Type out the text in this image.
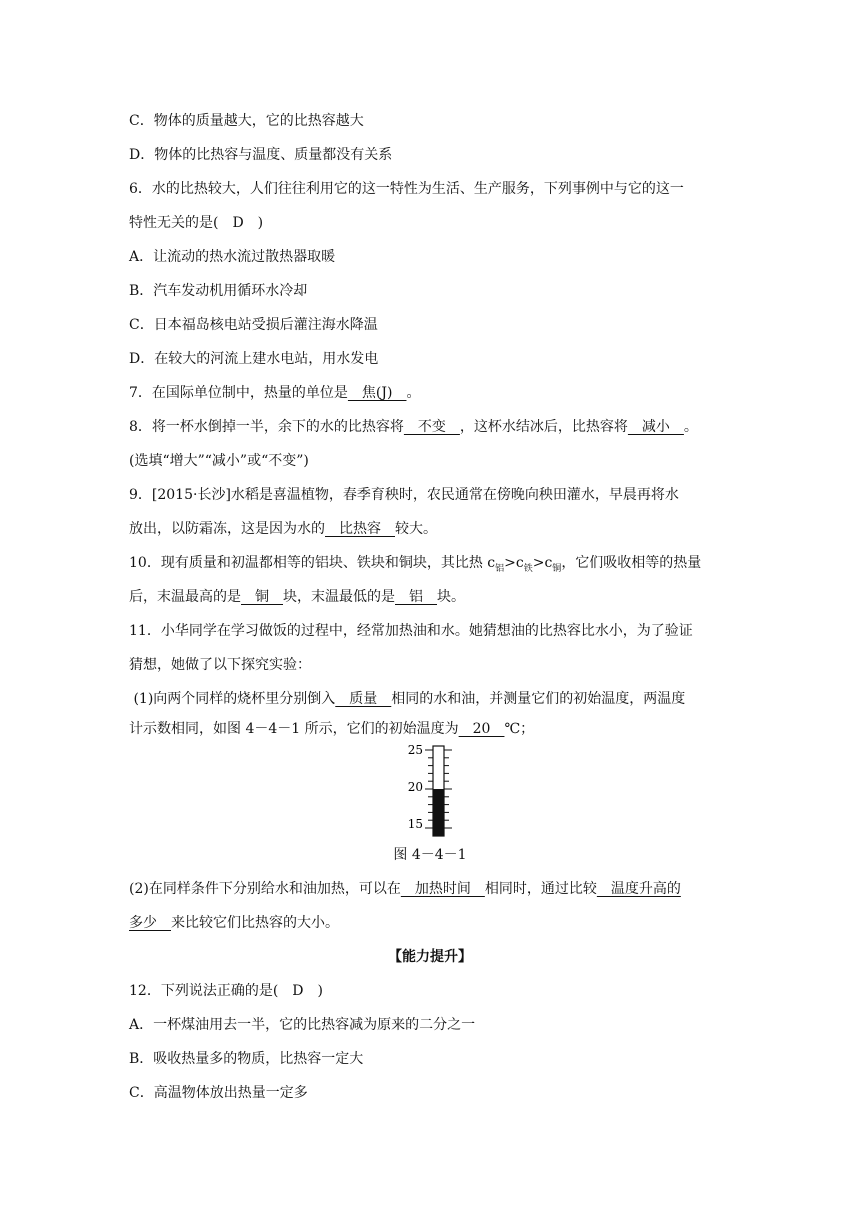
C．物体的质量越大，它的比热容越大
D．物体的比热容与温度、质量都没有关系
6．水的比热较大，人们往往利用它的这一特性为生活、生产服务，下列事例中与它的这一
特性无关的是(　D　)
A．让流动的热水流过散热器取暖
B．汽车发动机用循环水冷却
C．日本福岛核电站受损后灌注海水降温
D．在较大的河流上建水电站，用水发电
7．在国际单位制中，热量的单位是　焦(J)　。
8．将一杯水倒掉一半，余下的水的比热容将　不变　，这杯水结冰后，比热容将　减小　。
(选填“增大”“减小”或“不变”)
9．[2015·长沙]水稻是喜温植物，春季育秧时，农民通常在傍晚向秧田灌水，早晨再将水
放出，以防霜冻，这是因为水的　比热容　较大。
10．现有质量和初温都相等的铝块、铁块和铜块，其比热 $c_铝>c_铁>c_铜$，它们吸收相等的热量
后，末温最高的是　铜　块，末温最低的是　铝　块。
11．小华同学在学习做饭的过程中，经常加热油和水。她猜想油的比热容比水小，为了验证
猜想，她做了以下探究实验：
(1)向两个同样的烧杯里分别倒入　质量　相同的水和油，并测量它们的初始温度，两温度
计示数相同，如图 4－4－1 所示，它们的初始温度为　20　℃；
25
20
15
图 4－4－1
(2)在同样条件下分别给水和油加热，可以在　加热时间　相同时，通过比较　温度升高的
多少　来比较它们比热容的大小。
【能力提升】
12．下列说法正确的是(　D　)
A．一杯煤油用去一半，它的比热容减为原来的二分之一
B．吸收热量多的物质，比热容一定大
C．高温物体放出热量一定多
